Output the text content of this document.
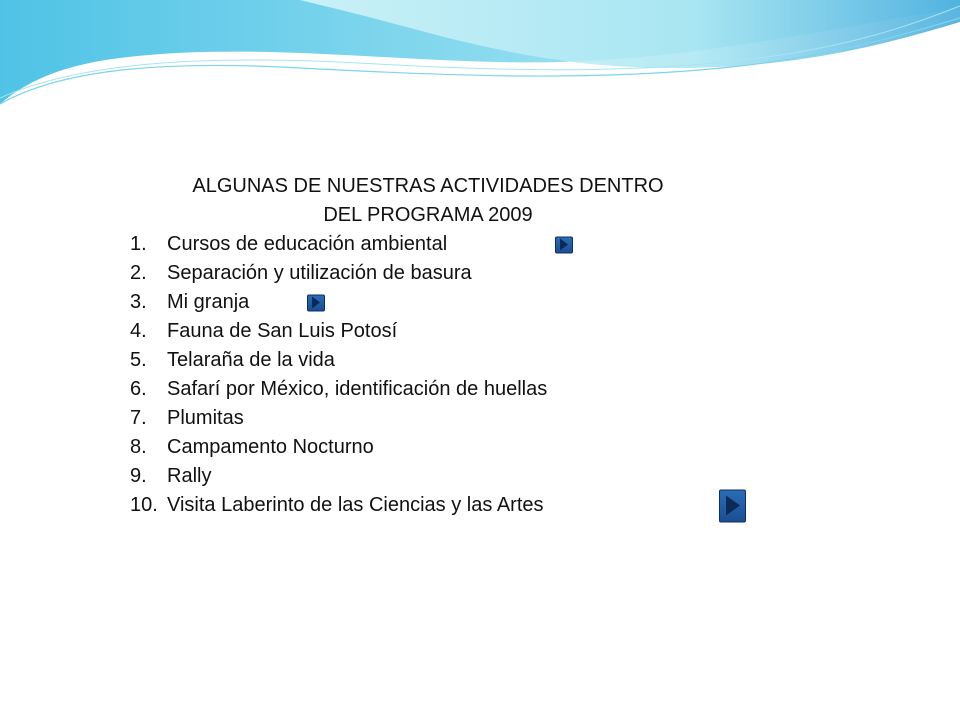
ALGUNAS DE NUESTRAS ACTIVIDADES DENTRO
DEL PROGRAMA 2009
1.	Cursos de educación ambiental
2.	Separación y utilización de basura
3.	Mi granja
4.	Fauna de San Luis Potosí
5.	Telaraña de la vida
6.	Safarí por México, identificación de huellas
7.	Plumitas
8.	Campamento Nocturno
9.	Rally
10. Visita Laberinto de las Ciencias y las Artes
